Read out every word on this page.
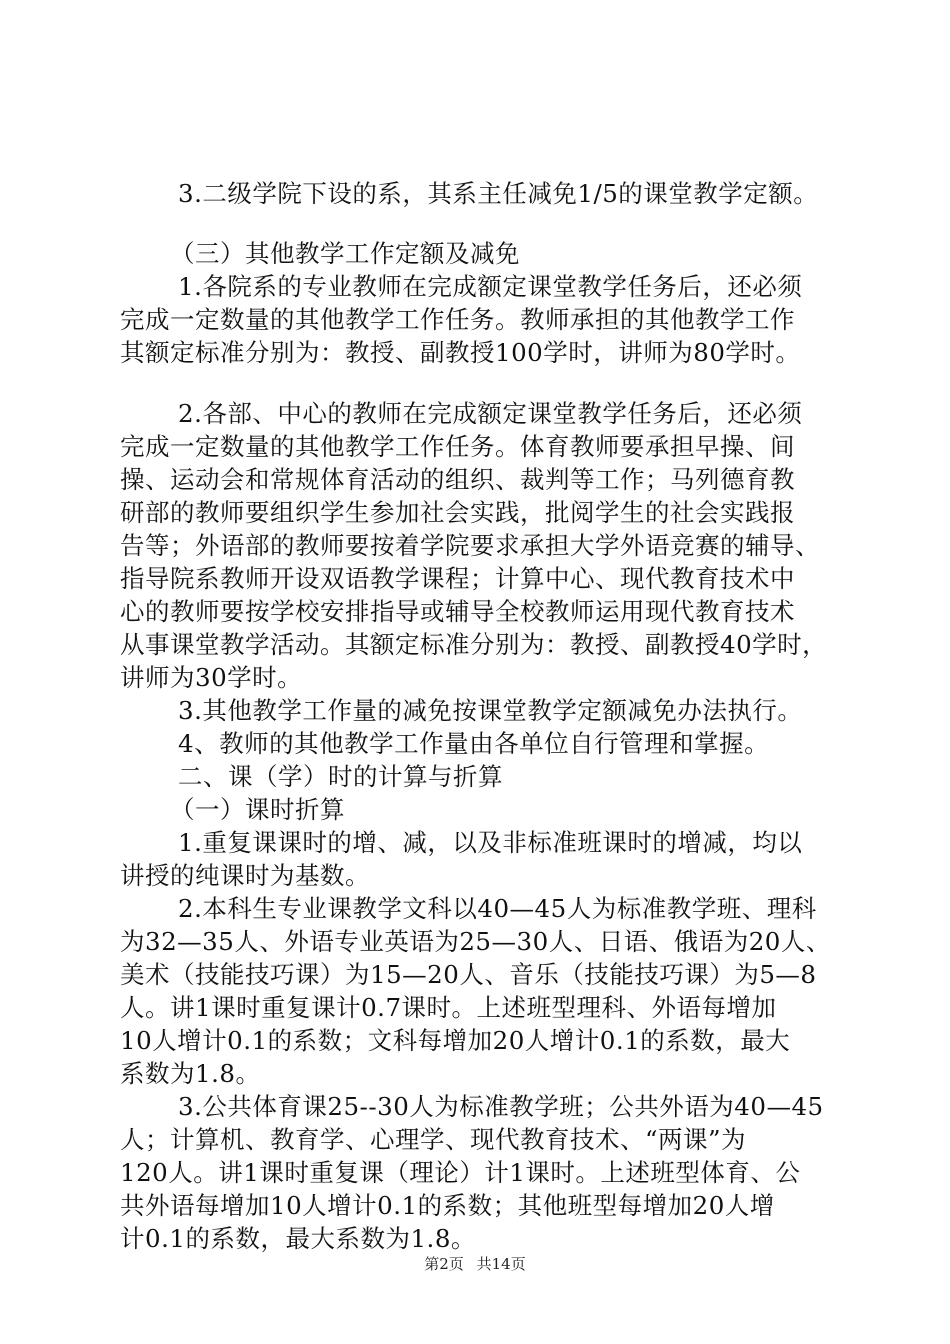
3.二级学院下设的系，其系主任减免1/5的课堂教学定额。
（三）其他教学工作定额及减免
1.各院系的专业教师在完成额定课堂教学任务后，还必须
完成一定数量的其他教学工作任务。教师承担的其他教学工作
其额定标准分别为：教授、副教授100学时，讲师为80学时。
2.各部、中心的教师在完成额定课堂教学任务后，还必须
完成一定数量的其他教学工作任务。体育教师要承担早操、间
操、运动会和常规体育活动的组织、裁判等工作；马列德育教
研部的教师要组织学生参加社会实践，批阅学生的社会实践报
告等；外语部的教师要按着学院要求承担大学外语竞赛的辅导、
指导院系教师开设双语教学课程；计算中心、现代教育技术中
心的教师要按学校安排指导或辅导全校教师运用现代教育技术
从事课堂教学活动。其额定标准分别为：教授、副教授40学时，
讲师为30学时。
3.其他教学工作量的减免按课堂教学定额减免办法执行。
4、教师的其他教学工作量由各单位自行管理和掌握。
二、课（学）时的计算与折算
（一）课时折算
1.重复课课时的增、减，以及非标准班课时的增减，均以
讲授的纯课时为基数。
2.本科生专业课教学文科以40—45人为标准教学班、理科
为32—35人、外语专业英语为25—30人、日语、俄语为20人、
美术（技能技巧课）为15—20人、音乐（技能技巧课）为5—8
人。讲1课时重复课计0.7课时。上述班型理科、外语每增加
10人增计0.1的系数；文科每增加20人增计0.1的系数，最大
系数为1.8。
3.公共体育课25--30人为标准教学班；公共外语为40—45
人；计算机、教育学、心理学、现代教育技术、“两课”为
120人。讲1课时重复课（理论）计1课时。上述班型体育、公
共外语每增加10人增计0.1的系数；其他班型每增加20人增
计0.1的系数，最大系数为1.8。
第2页 共14页
